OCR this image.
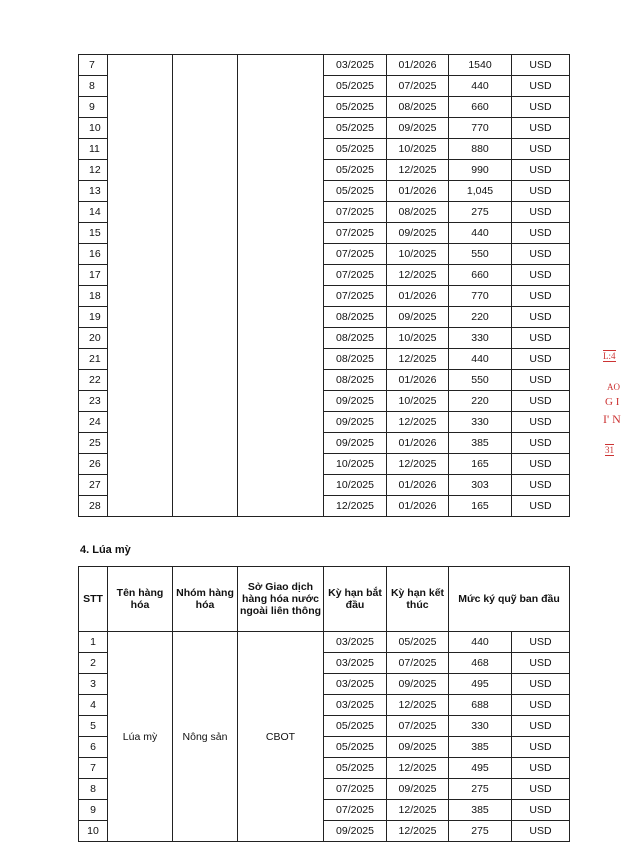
7				03/2025	01/2026	1540	USD
8				05/2025	07/2025	440	USD
9				05/2025	08/2025	660	USD
10				05/2025	09/2025	770	USD
11				05/2025	10/2025	880	USD
12				05/2025	12/2025	990	USD
13				05/2025	01/2026	1,045	USD
14				07/2025	08/2025	275	USD
15				07/2025	09/2025	440	USD
16				07/2025	10/2025	550	USD
17				07/2025	12/2025	660	USD
18				07/2025	01/2026	770	USD
19				08/2025	09/2025	220	USD
20				08/2025	10/2025	330	USD
21				08/2025	12/2025	440	USD
22				08/2025	01/2026	550	USD
23				09/2025	10/2025	220	USD
24				09/2025	12/2025	330	USD
25				09/2025	01/2026	385	USD
26				10/2025	12/2025	165	USD
27				10/2025	01/2026	303	USD
28				12/2025	01/2026	165	USD
4. Lúa mỳ
STT	Tên hàng hóa	Nhóm hàng hóa	Sở Giao dịch hàng hóa nước ngoài liên thông	Kỳ hạn bắt đầu	Kỳ hạn kết thúc	Mức ký quỹ ban đầu	
1	Lúa mỳ	Nông sản	CBOT	03/2025	05/2025	440	USD
2				03/2025	07/2025	468	USD
3				03/2025	09/2025	495	USD
4				03/2025	12/2025	688	USD
5				05/2025	07/2025	330	USD
6				05/2025	09/2025	385	USD
7				05/2025	12/2025	495	USD
8				07/2025	09/2025	275	USD
9				07/2025	12/2025	385	USD
10				09/2025	12/2025	275	USD
L:4
AO
G I
I' N
31
